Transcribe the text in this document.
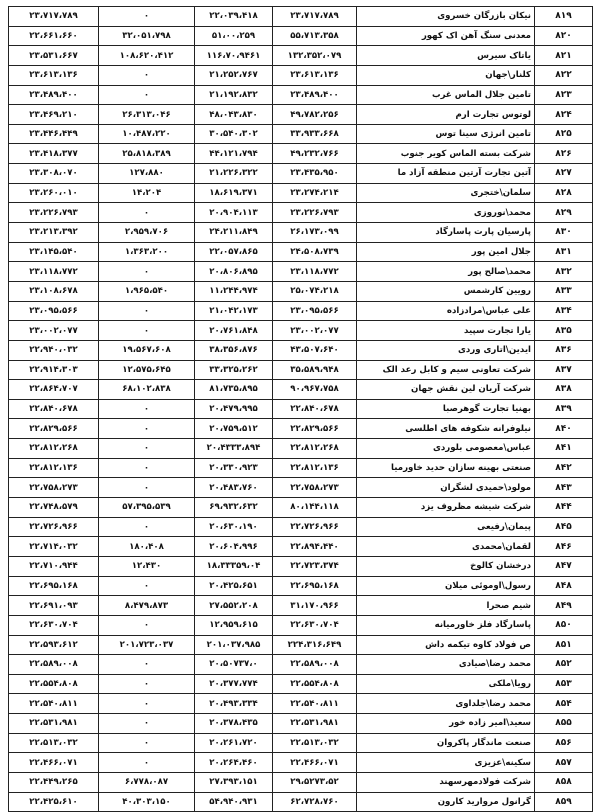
۲۳،۷۱۷،۷۸۹	۰	۲۲،۰۳۹،۴۱۸	۲۳،۷۱۷،۷۸۹	نیکان بازرگان خسروی	۸۱۹
۲۲،۶۶۱،۶۶۰	۳۲،۰۵۱،۷۹۸	۵۱،۰۰،۲۵۹	۵۵،۷۱۳،۳۵۸	معدنی سنگ آهن اک کهور	۸۲۰
۲۳،۵۳۱،۶۶۷	۱۰۸،۶۲۰،۴۱۲	۱۱۶،۷۰،۹۴۶۱	۱۳۲،۳۵۲،۰۷۹	یاتاک سیرس	۸۲۱
۲۳،۶۱۳،۱۳۶	۰	۲۱،۲۵۲،۷۶۷	۲۳،۶۱۳،۱۳۶	کلنار\جهان	۸۲۲
۲۳،۴۸۹،۴۰۰	۰	۲۱،۱۹۲،۸۳۲	۲۳،۴۸۹،۴۰۰	تامین جلال الماس غرب	۸۲۳
۲۳،۴۶۹،۲۱۰	۲۶،۳۱۳،۰۴۶	۴۸،۰۴۳،۸۳۰	۴۹،۷۸۲،۲۵۶	لوتوس تجارت ارم	۸۲۴
۲۳،۴۴۶،۴۴۹	۱۰،۴۸۷،۲۲۰	۳۰،۵۴۰،۳۰۲	۳۳،۹۳۳،۶۶۸	تامین انرژی سینا توس	۸۲۵
۲۳،۴۱۸،۳۷۷	۲۵،۸۱۸،۳۸۹	۴۴،۱۲۱،۷۹۴	۴۹،۲۳۲،۷۶۶	شرکت بسته الماس کویر جنوب	۸۲۶
۲۳،۳۰۸،۰۷۰	۱۲۷،۸۸۰	۲۱،۲۲۶،۳۲۲	۲۳،۴۳۵،۹۵۰	آتین تجارت آرتین منطقه آزاد ما	۸۲۷
۲۳،۲۶۰،۰۱۰	۱۴،۲۰۴	۱۸،۶۱۹،۳۷۱	۲۳،۲۷۴،۲۱۴	سلمان\ختجری	۸۲۸
۲۳،۲۲۶،۷۹۳	۰	۲۰،۹۰۴،۱۱۳	۲۳،۲۲۶،۷۹۳	محمد\نوروزی	۸۲۹
۲۳،۲۱۳،۳۹۲	۲،۹۵۹،۷۰۶	۲۴،۲۱۱،۸۴۹	۲۶،۱۷۳،۰۹۹	پارسیان پارت پاسارگاد	۸۳۰
۲۳،۱۴۵،۵۴۰	۱،۳۶۳،۲۰۰	۲۲،۰۵۷،۸۶۵	۲۴،۵۰۸،۷۳۹	جلال امین پور	۸۳۱
۲۳،۱۱۸،۷۷۲	۰	۲۰،۸۰۶،۸۹۵	۲۳،۱۱۸،۷۷۲	محمد\صالح پور	۸۳۲
۲۳،۱۰۸،۶۷۸	۱،۹۶۵،۵۴۰	۱۱،۲۴۴،۹۷۴	۲۵،۰۷۴،۲۱۸	رویین کارشمس	۸۳۳
۲۳،۰۹۵،۵۶۶	۰	۲۱،۰۴۲،۱۷۳	۲۳،۰۹۵،۵۶۶	علی عباس\مرادزاده	۸۳۴
۲۳،۰۰۲،۰۷۷	۰	۲۰،۷۶۱،۸۴۸	۲۳،۰۰۲،۰۷۷	یارا تجارت سپید	۸۳۵
۲۲،۹۴۰،۰۳۲	۱۹،۵۶۷،۶۰۸	۳۸،۳۵۶،۸۷۶	۴۳،۵۰۷،۶۴۰	ایدین\اتاری وردی	۸۳۶
۲۲،۹۱۴،۳۰۳	۱۲،۵۷۵،۶۴۵	۳۳،۳۲۵،۲۶۲	۳۵،۵۸۹،۹۴۸	شرکت تعاونی سیم و کابل رعد الک	۸۳۷
۲۲،۸۶۴،۷۰۷	۶۸،۱۰۲،۸۳۸	۸۱،۷۳۵،۸۹۵	۹۰،۹۶۷،۷۵۸	شرکت آریان لین نقش جهان	۸۳۸
۲۲،۸۴۰،۶۷۸	۰	۲۰،۴۷۹،۹۹۵	۲۲،۸۴۰،۶۷۸	بهنیا تجارت گوهرصبا	۸۳۹
۲۲،۸۲۹،۵۶۶	۰	۲۰،۷۵۹،۵۱۲	۲۲،۸۲۹،۵۶۶	نیلوفرانه شکوفه های اطلسی	۸۴۰
۲۲،۸۱۲،۲۶۸	۰	۲۰،۴۳۳۳،۸۹۴	۲۲،۸۱۲،۲۶۸	عباس\معصومی بلوردی	۸۴۱
۲۲،۸۱۲،۱۳۶	۰	۲۰،۳۳۰،۹۲۳	۲۲،۸۱۲،۱۳۶	صنعتی بهینه سازان حدید خاورمیا	۸۴۲
۲۲،۷۵۸،۲۷۳	۰	۲۰،۴۸۳،۷۶۰	۲۲،۷۵۸،۲۷۳	مولود\حمیدی لشگران	۸۴۳
۲۲،۷۴۸،۵۷۹	۵۷،۳۹۵،۵۳۹	۶۹،۹۳۲،۶۳۲	۸۰،۱۴۴،۱۱۸	شرکت شیشه مظروف یزد	۸۴۴
۲۲،۷۲۶،۹۶۶	۰	۲۰،۶۳۰،۱۹۰	۲۲،۷۲۶،۹۶۶	پیمان\رفیعی	۸۴۵
۲۲،۷۱۴،۰۳۲	۱۸۰،۴۰۸	۲۰،۶۰۴،۹۹۶	۲۲،۸۹۴،۴۴۰	لقمان\محمدی	۸۴۶
۲۲،۷۱۰،۹۴۴	۱۲،۴۳۰	۱۸،۳۳۳۵۹،۰۴	۲۲،۷۲۳،۳۷۴	درخشان کالوخ	۸۴۷
۲۲،۶۹۵،۱۶۸	۰	۲۰،۴۲۵،۶۵۱	۲۲،۶۹۵،۱۶۸	رسول\اوموئی میلان	۸۴۸
۲۲،۶۹۱،۰۹۳	۸،۴۷۹،۸۷۳	۲۷،۵۵۲،۲۰۸	۳۱،۱۷۰،۹۶۶	شیم صحرا	۸۴۹
۲۲،۶۳۰،۷۰۴	۰	۱۲،۹۵۹،۶۱۵	۲۲،۶۳۰،۷۰۴	پاسارگاد فلز خاورمیانه	۸۵۰
۲۲،۵۹۳،۶۱۲	۲۰۱،۷۲۳،۰۳۷	۲۰۱،۰۳۷،۹۸۵	۲۲۴،۳۱۶،۶۴۹	ص فولاد کاوه تیکمه داش	۸۵۱
۲۲،۵۸۹،۰۰۸	۰	۲۰،۵۰۷۳۷،۰	۲۲،۵۸۹،۰۰۸	محمد رضا\صیادی	۸۵۲
۲۲،۵۵۴،۸۰۸	۰	۲۰،۳۷۷،۷۷۴	۲۲،۵۵۴،۸۰۸	رویا\ملکی	۸۵۳
۲۲،۵۴۰،۸۱۱	۰	۲۰،۴۹۳،۳۳۴	۲۲،۵۴۰،۸۱۱	محمد رضا\جلداوی	۸۵۴
۲۲،۵۳۱،۹۸۱	۰	۲۰،۳۷۸،۴۳۵	۲۲،۵۳۱،۹۸۱	سعید\امیر زاده خور	۸۵۵
۲۲،۵۱۳،۰۳۲	۰	۲۰،۲۶۱،۷۲۰	۲۲،۵۱۳،۰۳۲	صنعت ماندگار پاکروان	۸۵۶
۲۲،۴۶۶،۰۷۱	۰	۲۰،۲۶۴،۴۶۰	۲۲،۴۶۶،۰۷۱	سکینه\عزیزی	۸۵۷
۲۲،۴۴۹،۲۶۵	۶،۷۷۸،۰۸۷	۲۷،۳۹۳،۱۵۱	۲۹،۵۲۷۳،۵۲	شرکت فولادمهرسهند	۸۵۸
۲۲،۴۲۵،۶۱۰	۴۰،۳۰۳،۱۵۰	۵۴،۹۴۰،۹۳۱	۶۲،۷۲۸،۷۶۰	گرانول مروارید کارون	۸۵۹
